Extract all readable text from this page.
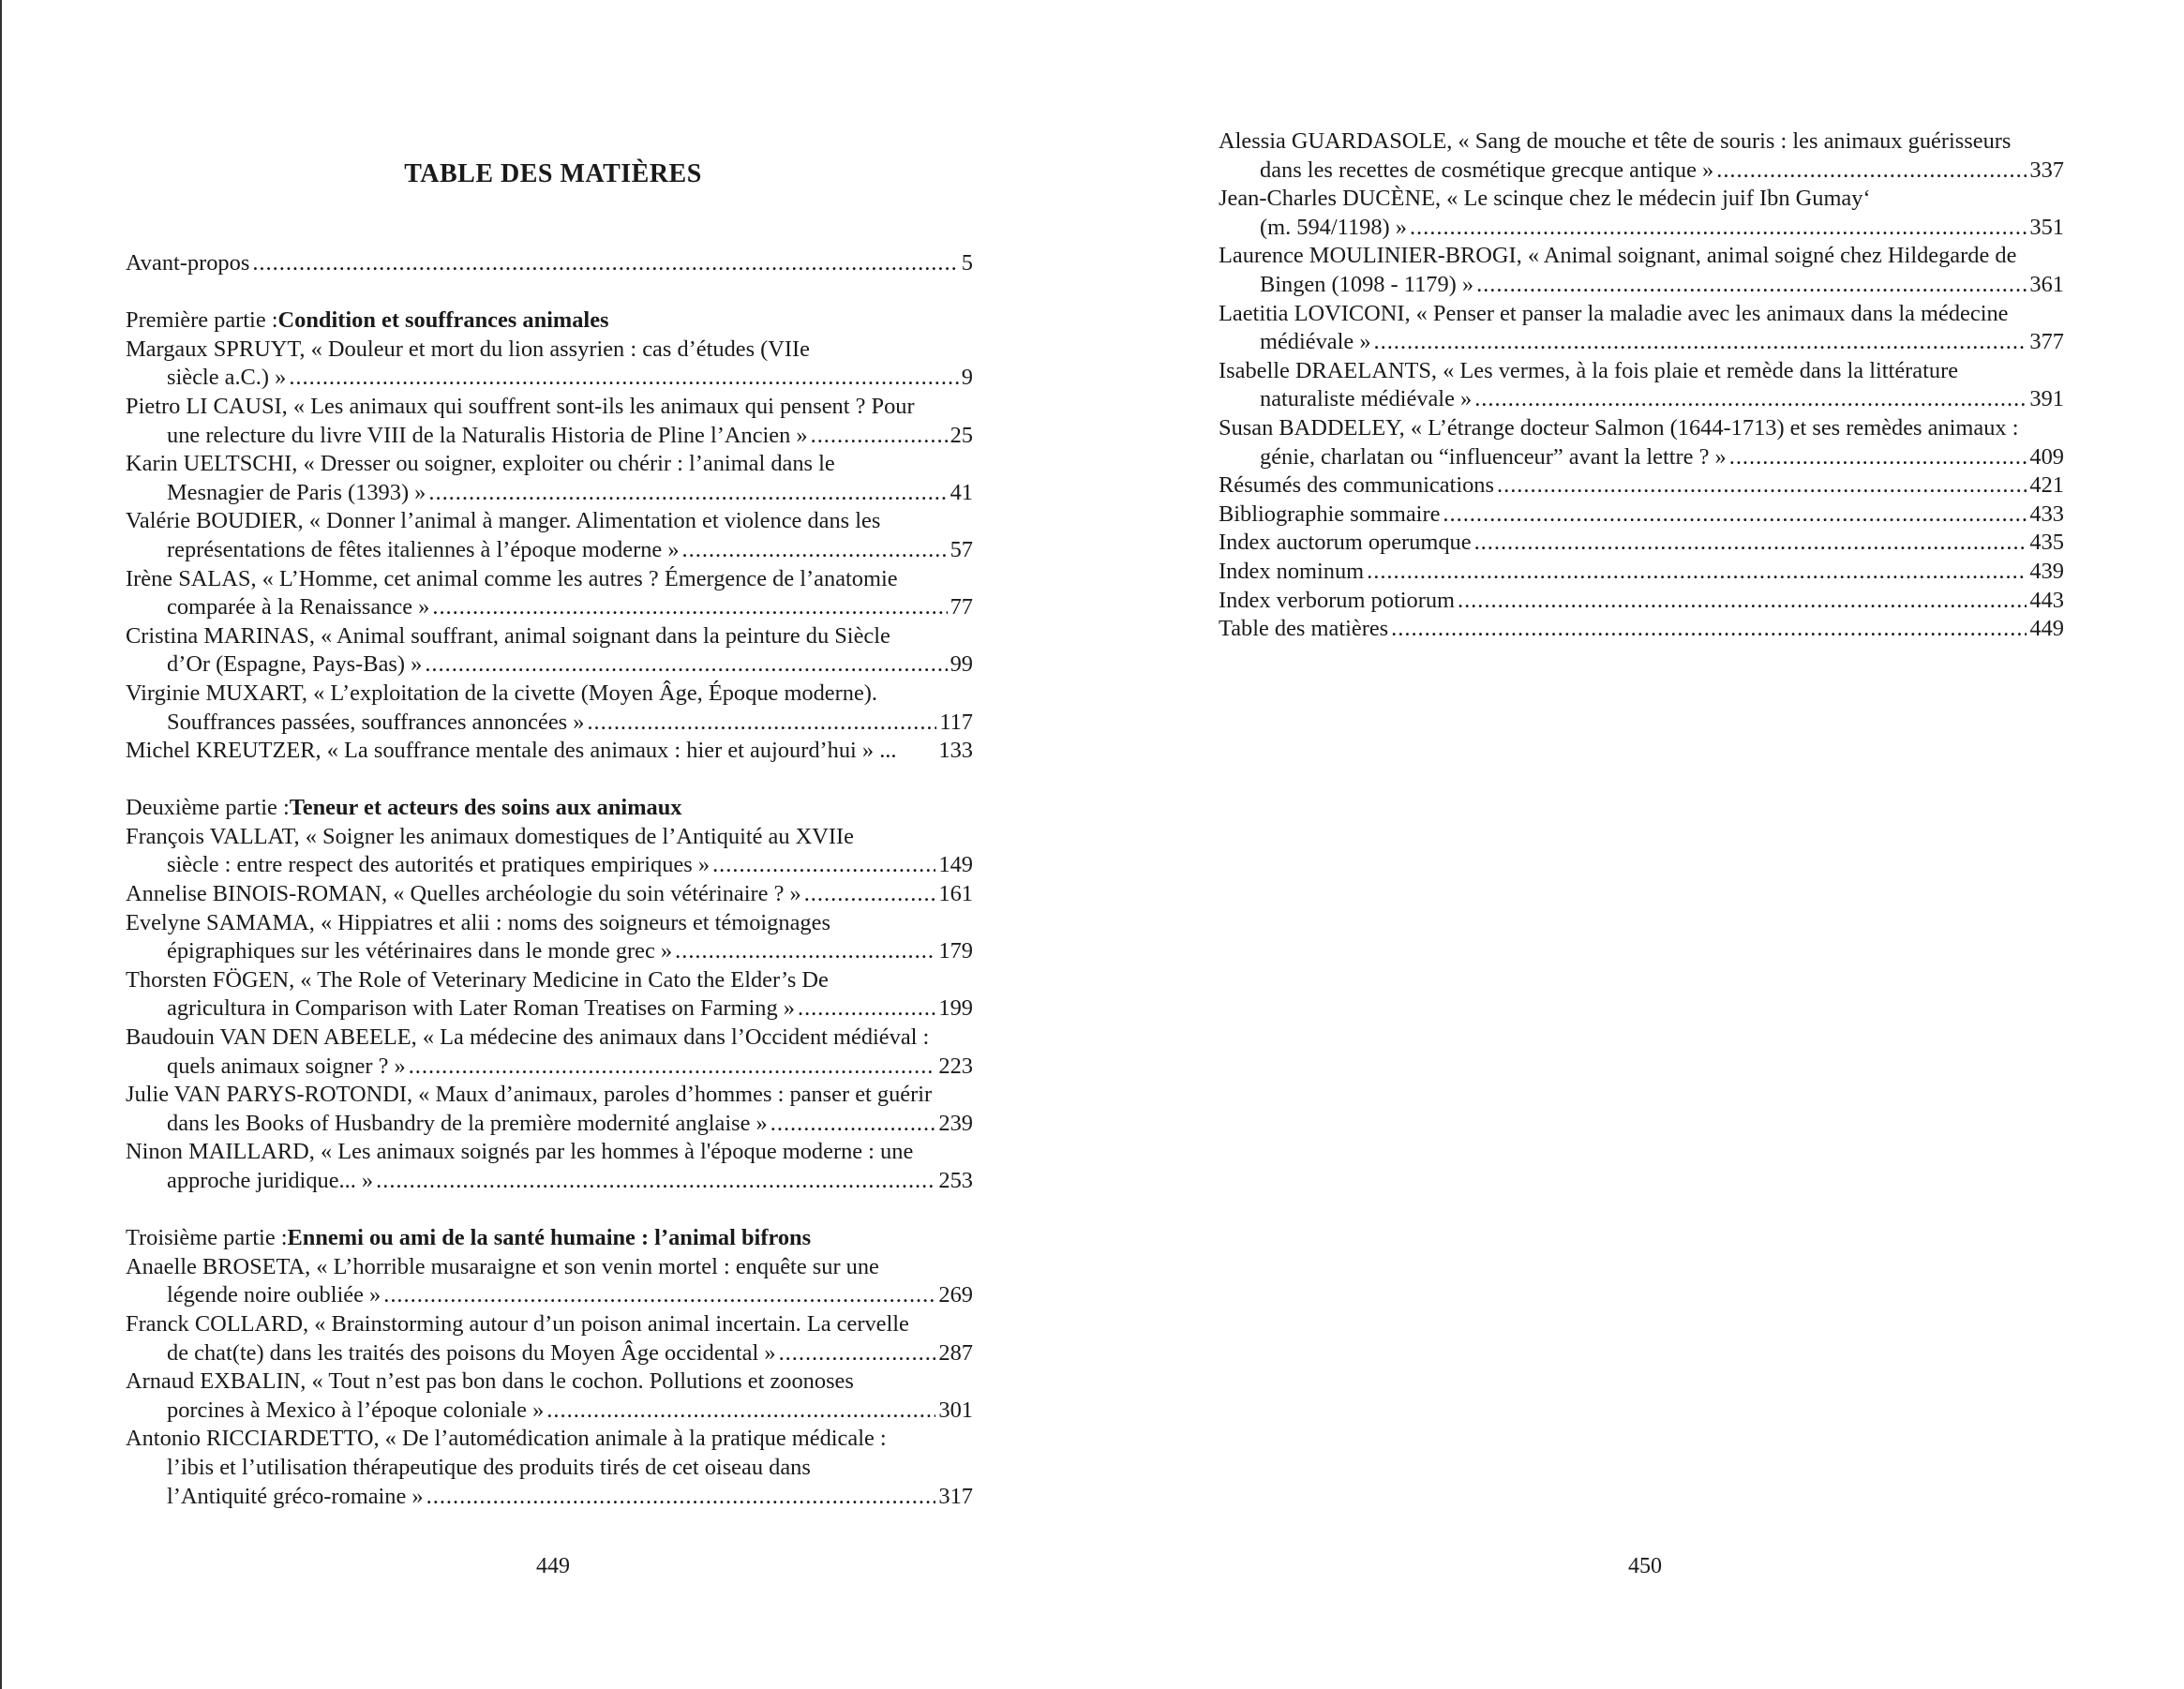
TABLE DES MATIÈRES
Avant-propos .....	5
Première partie : Condition et souffrances animales
Margaux SPRUYT, « Douleur et mort du lion assyrien : cas d’études (VIIe
siècle a.C.) » .....	9
Pietro LI CAUSI, « Les animaux qui souffrent sont-ils les animaux qui pensent ? Pour
une relecture du livre VIII de la Naturalis Historia de Pline l’Ancien » .....	25
Karin UELTSCHI, « Dresser ou soigner, exploiter ou chérir : l’animal dans le
Mesnagier de Paris (1393) » .....	41
Valérie BOUDIER, « Donner l’animal à manger. Alimentation et violence dans les
représentations de fêtes italiennes à l’époque moderne » .....	57
Irène SALAS, « L’Homme, cet animal comme les autres ? Émergence de l’anatomie
comparée à la Renaissance » .....	77
Cristina MARINAS, « Animal souffrant, animal soignant dans la peinture du Siècle
d’Or (Espagne, Pays-Bas) » .....	99
Virginie MUXART, « L’exploitation de la civette (Moyen Âge, Époque moderne).
Souffrances passées, souffrances annoncées » .....	117
Michel KREUTZER, « La souffrance mentale des animaux : hier et aujourd’hui » ... 133
Deuxième partie : Teneur et acteurs des soins aux animaux
François VALLAT, « Soigner les animaux domestiques de l’Antiquité au XVIIe
siècle : entre respect des autorités et pratiques empiriques » .....	149
Annelise BINOIS-ROMAN, « Quelles archéologie du soin vétérinaire ? » .....	161
Evelyne SAMAMA, « Hippiatres et alii : noms des soigneurs et témoignages
épigraphiques sur les vétérinaires dans le monde grec » .....	179
Thorsten FÖGEN, « The Role of Veterinary Medicine in Cato the Elder’s De
agricultura in Comparison with Later Roman Treatises on Farming » .....	199
Baudouin VAN DEN ABEELE, « La médecine des animaux dans l’Occident médiéval :
quels animaux soigner ? » .....	223
Julie VAN PARYS-ROTONDI, « Maux d’animaux, paroles d’hommes : panser et guérir
dans les Books of Husbandry de la première modernité anglaise » .....	239
Ninon MAILLARD, « Les animaux soignés par les hommes à l'époque moderne : une
approche juridique... » .....	253
Troisième partie : Ennemi ou ami de la santé humaine : l’animal bifrons
Anaelle BROSETA, « L’horrible musaraigne et son venin mortel : enquête sur une
légende noire oubliée » .....	269
Franck COLLARD, « Brainstorming autour d’un poison animal incertain. La cervelle
de chat(te) dans les traités des poisons du Moyen Âge occidental » .....	287
Arnaud EXBALIN, « Tout n’est pas bon dans le cochon. Pollutions et zoonoses
porcines à Mexico à l’époque coloniale » .....	301
Antonio RICCIARDETTO, « De l’automédication animale à la pratique médicale :
l’ibis et l’utilisation thérapeutique des produits tirés de cet oiseau dans
l’Antiquité gréco-romaine » .....	317
449
Alessia GUARDASOLE, « Sang de mouche et tête de souris : les animaux guérisseurs
dans les recettes de cosmétique grecque antique » .....	337
Jean-Charles DUCÈNE, « Le scinque chez le médecin juif Ibn Gumay‘
(m. 594/1198) » .....	351
Laurence MOULINIER-BROGI, « Animal soignant, animal soigné chez Hildegarde de
Bingen (1098 - 1179) » .....	361
Laetitia LOVICONI, « Penser et panser la maladie avec les animaux dans la médecine
médiévale » .....	377
Isabelle DRAELANTS, « Les vermes, à la fois plaie et remède dans la littérature
naturaliste médiévale » .....	391
Susan BADDELEY, « L’étrange docteur Salmon (1644-1713) et ses remèdes animaux :
génie, charlatan ou “influenceur” avant la lettre ? » .....	409
Résumés des communications .....	421
Bibliographie sommaire .....	433
Index auctorum operumque .....	435
Index nominum .....	439
Index verborum potiorum .....	443
Table des matières .....	449
450
